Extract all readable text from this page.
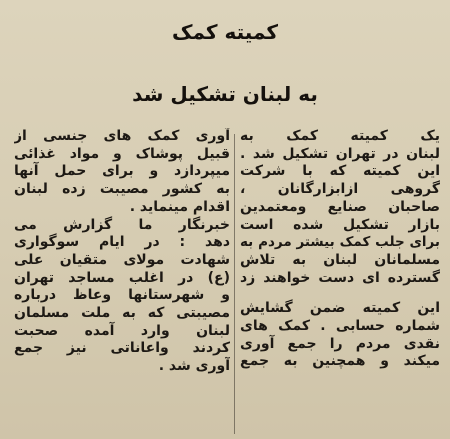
کمیته کمک
به لبنان تشکیل شد
یک کمیته کمک به
لبنان در تهران تشکیل شد .
این کمیته که با شرکت
گروهی ازابزارگانان ،
صاحبان صنایع ومعتمدین
بازار تشکیل شده است
برای جلب کمک بیشتر مردم به
مسلمانان لبنان به تلاش
گسترده ای دست خواهند زد
این کمیته ضمن گشایش
شماره حسابی . کمک های
نقدی مردم را جمع آوری
میکند و همچنین به جمع
آوری کمک های جنسی از
قبیل پوشاک و مواد غذائی
میپردازد و برای حمل آنها
به کشور مصیبت زده لبنان
اقدام مینماید .
خبرنگار ما گزارش می
دهد : در ایام سوگواری
شهادت مولای متقیان علی
(ع) در اغلب مساجد تهران
و شهرستانها وعاظ درباره
مصیبتی که به ملت مسلمان
لبنان وارد آمده صحبت
کردند واعاناتی نیز جمع
آوری شد .
